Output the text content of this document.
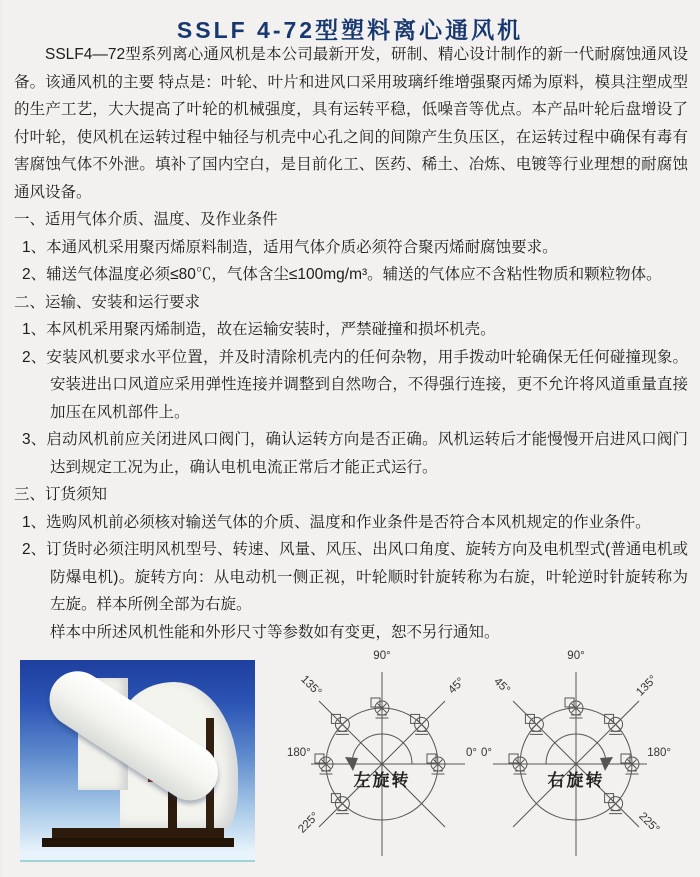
SSLF 4-72型塑料离心通风机
SSLF4—72型系列离心通风机是本公司最新开发，研制、精心设计制作的新一代耐腐蚀通风设备。该通风机的主要 特点是：叶轮、叶片和进风口采用玻璃纤维增强聚丙烯为原料，模具注塑成型的生产工艺，大大提高了叶轮的机械强度，具有运转平稳，低噪音等优点。本产品叶轮后盘增设了付叶轮，使风机在运转过程中轴径与机壳中心孔之间的间隙产生负压区，在运转过程中确保有毒有害腐蚀气体不外泄。填补了国内空白，是目前化工、医药、稀土、冶炼、电镀等行业理想的耐腐蚀通风设备。
一、适用气体介质、温度、及作业条件
1、本通风机采用聚丙烯原料制造，适用气体介质必须符合聚丙烯耐腐蚀要求。
2、辅送气体温度必须≤80℃，气体含尘≤100mg/m³。辅送的气体应不含粘性物质和颗粒物体。
二、运输、安装和运行要求
1、本风机采用聚丙烯制造，故在运输安装时，严禁碰撞和损坏机壳。
2、安装风机要求水平位置，并及时清除机壳内的任何杂物，用手拨动叶轮确保无任何碰撞现象。安装进出口风道应采用弹性连接并调整到自然吻合，不得强行连接，更不允许将风道重量直接加压在风机部件上。
3、启动风机前应关闭进风口阀门，确认运转方向是否正确。风机运转后才能慢慢开启进风口阀门达到规定工况为止，确认电机电流正常后才能正式运行。
三、订货须知
1、选购风机前必须核对输送气体的介质、温度和作业条件是否符合本风机规定的作业条件。
2、订货时必须注明风机型号、转速、风量、风压、出风口角度、旋转方向及电机型式(普通电机或防爆电机)。旋转方向：从电动机一侧正视，叶轮顺时针旋转称为右旋，叶轮逆时针旋转称为左旋。样本所例全部为右旋。
样本中所述风机性能和外形尺寸等参数如有变更，恕不另行通知。
90°
135°	45°
180°	0°
225°
左旋转
90°
45°	135°
0°	180°
225°
右旋转
